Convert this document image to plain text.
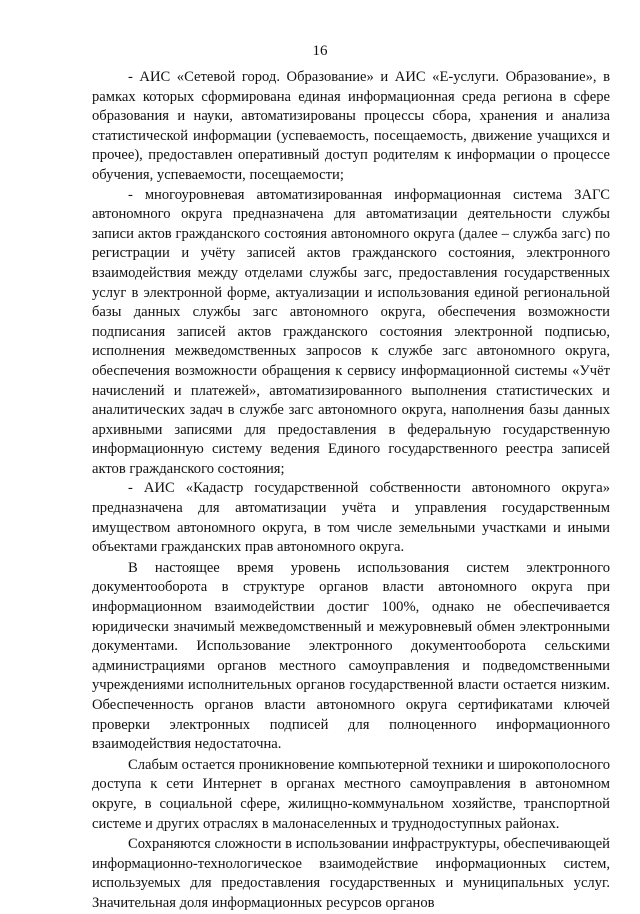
16

- АИС «Сетевой город. Образование» и АИС «Е-услуги. Образование», в рамках которых сформирована единая информационная среда региона в сфере образования и науки, автоматизированы процессы сбора, хранения и анализа статистической информации (успеваемость, посещаемость, движение учащихся и прочее), предоставлен оперативный доступ родителям к информации о процессе обучения, успеваемости, посещаемости;

- многоуровневая автоматизированная информационная система ЗАГС автономного округа предназначена для автоматизации деятельности службы записи актов гражданского состояния автономного округа (далее – служба загс) по регистрации и учёту записей актов гражданского состояния, электронного взаимодействия между отделами службы загс, предоставления государственных услуг в электронной форме, актуализации и использования единой региональной базы данных службы загс автономного округа, обеспечения возможности подписания записей актов гражданского состояния электронной подписью, исполнения межведомственных запросов к службе загс автономного округа, обеспечения возможности обращения к сервису информационной системы «Учёт начислений и платежей», автоматизированного выполнения статистических и аналитических задач в службе загс автономного округа, наполнения базы данных архивными записями для предоставления в федеральную государственную информационную систему ведения Единого государственного реестра записей актов гражданского состояния;

- АИС «Кадастр государственной собственности автономного округа» предназначена для автоматизации учёта и управления государственным имуществом автономного округа, в том числе земельными участками и иными объектами гражданских прав автономного округа.

В настоящее время уровень использования систем электронного документооборота в структуре органов власти автономного округа при информационном взаимодействии достиг 100%, однако не обеспечивается юридически значимый межведомственный и межуровневый обмен электронными документами. Использование электронного документооборота сельскими администрациями органов местного самоуправления и подведомственными учреждениями исполнительных органов государственной власти остается низким. Обеспеченность органов власти автономного округа сертификатами ключей проверки электронных подписей для полноценного информационного взаимодействия недостаточна.

Слабым остается проникновение компьютерной техники и широкополосного доступа к сети Интернет в органах местного самоуправления в автономном округе, в социальной сфере, жилищно-коммунальном хозяйстве, транспортной системе и других отраслях в малонаселенных и труднодоступных районах.

Сохраняются сложности в использовании инфраструктуры, обеспечивающей информационно-технологическое взаимодействие информационных систем, используемых для предоставления государственных и муниципальных услуг. Значительная доля информационных ресурсов органов
